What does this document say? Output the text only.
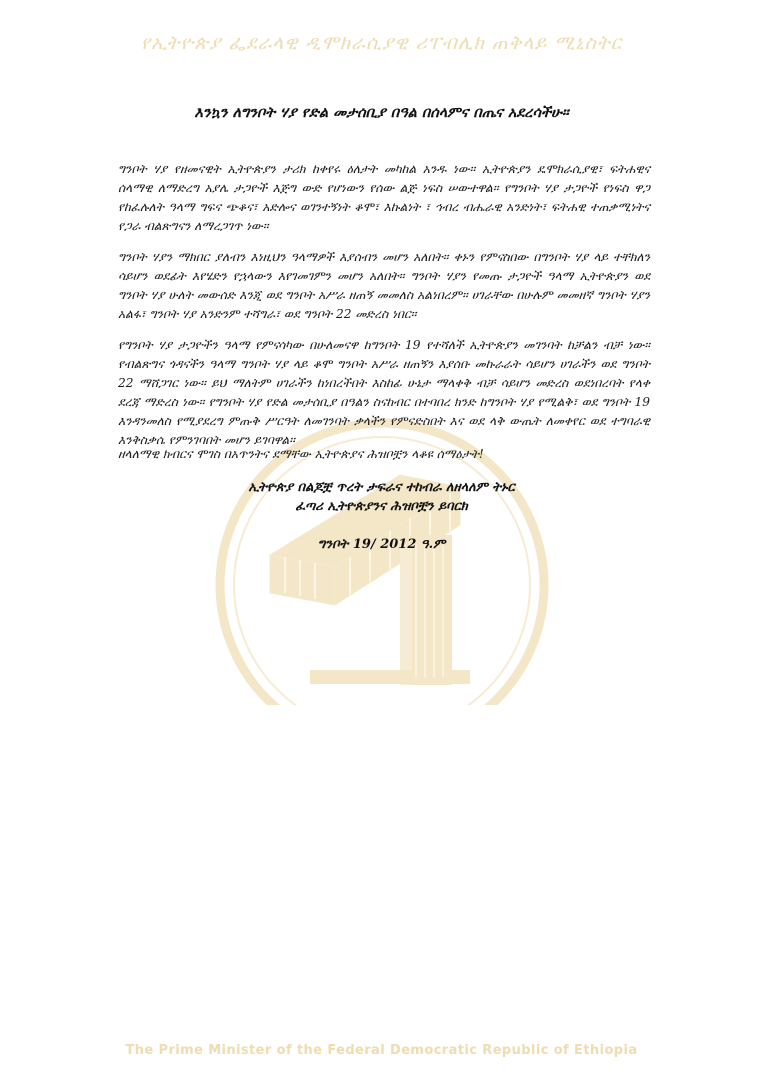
የኢትዮጵያ ፌደራላዊ ዲሞክራሲያዊ ሪፐብሊክ ጠቅላይ ሚኒስትር
እንኳን ለግንቦት ሃያ የድል መታሰቢያ በዓል በሰላምና በጤና አደረሳችሁ።

ግንቦት ሃያ የዘመናዊት ኢትዮጵያን ታሪክ ከቀየሩ ዕለታት መካከል አንዱ ነው፡፡ ኢትዮጵያን ዴሞክራሲያዊ፣ ፍትሐዊና ሰላማዊ ለማድረግ አያሌ ታጋዮች እጅግ ውድ የሆነውን የሰው ልጅ ነፍስ ሠውተዋል፡፡ የግንቦት ሃያ ታጋዮች የነፍስ ዋጋ የከፈሉለት ዓላማ ግፍና ጭቆና፣ አድሎና ወገንተኝነት ቆሞ፣ እኩልነት ፣ ኅብረ ብሔራዊ አንድነት፣ ፍትሐዊ ተጠቃሚነትና የጋራ ብልጽግናን ለማረጋገጥ ነው፡፡

ግንቦት ሃያን ማክበር ያለብን እነዚህን ዓላማዎች እያሰብን መሆን አለበት፡፡ ቀኑን የምናስበው በግንቦት ሃያ ላይ ተቸክለን ሳይሆን ወደፊት እየሄድን የኋላውን እየገመገምን መሆን አለበት፡፡ ግንቦት ሃያን የመጡ ታጋዮች ዓላማ ኢትዮጵያን ወደ ግንቦት ሃያ ሁለት መውሰድ እንጂ ወደ ግንቦት አሥራ ዘጠኝ መመለስ አልነበረም፡፡ ሀገራቸው በሁሉም መመዘኛ ግንቦት ሃያን አልፋ፣ ግንቦት ሃያ አንድንም ተሻግራ፣ ወደ ግንቦት 22 መድረስ ነበር፡፡

የግንቦት ሃያ ታጋዮችን ዓላማ የምናሳካው በሁለመናዋ ከግንቦት 19 የተሻለች ኢትዮጵያን መገንባት ከቻልን ብቻ ነው፡፡ የብልጽግና ጎዳናችን ዓላማ ግንቦት ሃያ ላይ ቆሞ ግንቦት አሥራ ዘጠኝን እያሰቡ መኩራራት ሳይሆን ሀገራችን ወደ ግንቦት 22 ማሸጋገር ነው፡፡ ይህ ማለትም ሀገራችን ከነበረችበት እስከፊ ሁኔታ ማላቀቅ ብቻ ሳይሆን መድረስ ወደነበረባት የላቀ ደረጃ ማድረስ ነው፡፡ የግንቦት ሃያ የድል መታሰቢያ በዓልን ስናከብር በተባበረ ክንድ ከግንቦት ሃያ የሚልቅ፣ ወደ ግንቦት 19 እንዳንመለስ የሚያደረግ ምጡቅ ሥርዓት ለመገንባት ቃላችን የምናድስበት እና ወደ ላቅ ውጤት ለመቀየር ወደ ተግባራዊ እንቅስቃሴ የምንገባበት መሆን ይገባዋል፡፡

ዘላለማዊ ክብርና ሞገስ በአጥንትና ደማቸው ኢትዮጵያና ሕዝቦቿን ላቆዩ ሰማዕታት!
ኢትዮጵያ በልጆቿ ጥረት ታፍራና ተከብራ ለዘላለም ትኑር
ፈጣሪ ኢትዮጵያንና ሕዝቦቿን ይባርክ
ግንቦት 19/ 2012 ዓ.ም
The Prime Minister of the Federal Democratic Republic of Ethiopia
